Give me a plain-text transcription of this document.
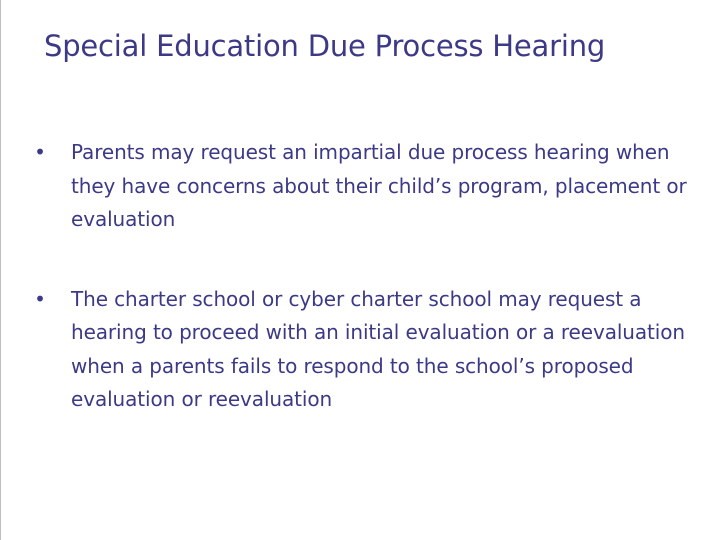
Special Education Due Process Hearing
• Parents may request an impartial due process hearing when they have concerns about their child’s program, placement or evaluation
• The charter school or cyber charter school may request a hearing to proceed with an initial evaluation or a reevaluation when a parents fails to respond to the school’s proposed evaluation or reevaluation
